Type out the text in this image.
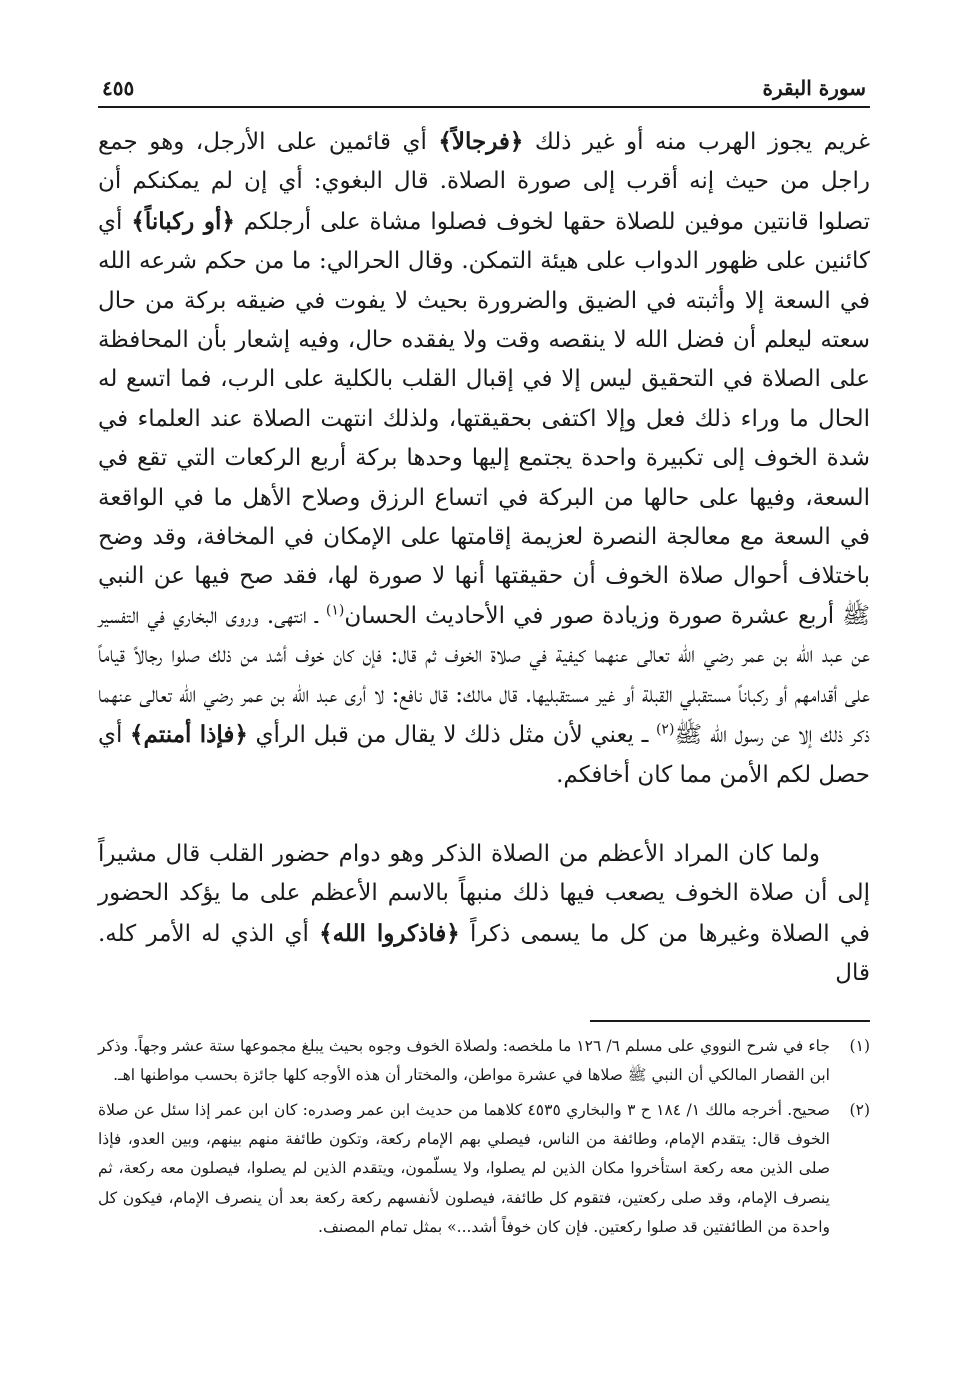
سورة البقرة
٤٥٥

غريم يجوز الهرب منه أو غير ذلك ﴿فرجالاً﴾ أي قائمين على الأرجل، وهو جمع راجل من حيث إنه أقرب إلى صورة الصلاة. قال البغوي: أي إن لم يمكنكم أن تصلوا قانتين موفين للصلاة حقها لخوف فصلوا مشاة على أرجلكم ﴿أو ركباناً﴾ أي كائنين على ظهور الدواب على هيئة التمكن. وقال الحرالي: ما من حكم شرعه الله في السعة إلا وأثبته في الضيق والضرورة بحيث لا يفوت في ضيقه بركة من حال سعته ليعلم أن فضل الله لا ينقصه وقت ولا يفقده حال، وفيه إشعار بأن المحافظة على الصلاة في التحقيق ليس إلا في إقبال القلب بالكلية على الرب، فما اتسع له الحال ما وراء ذلك فعل وإلا اكتفى بحقيقتها، ولذلك انتهت الصلاة عند العلماء في شدة الخوف إلى تكبيرة واحدة يجتمع إليها وحدها بركة أربع الركعات التي تقع في السعة، وفيها على حالها من البركة في اتساع الرزق وصلاح الأهل ما في الواقعة في السعة مع معالجة النصرة لعزيمة إقامتها على الإمكان في المخافة، وقد وضح باختلاف أحوال صلاة الخوف أن حقيقتها أنها لا صورة لها، فقد صح فيها عن النبي ﷺ أربع عشرة صورة وزيادة صور في الأحاديث الحسان$^{(١)}$ ـ انتهى. وروى البخاري في التفسير عن عبد الله بن عمر رضي الله تعالى عنهما كيفية في صلاة الخوف ثم قال: فإن كان خوف أشد من ذلك صلوا رجالاً قياماً على أقدامهم أو ركباناً مستقبلي القبلة أو غير مستقبليها. قال مالك: قال نافع: لا أرى عبد الله بن عمر رضي الله تعالى عنهما ذكر ذلك إلا عن رسول الله ﷺ$^{(٢)}$ ـ يعني لأن مثل ذلك لا يقال من قبل الرأي ﴿فإذا أمنتم﴾ أي حصل لكم الأمن مما كان أخافكم.

ولما كان المراد الأعظم من الصلاة الذكر وهو دوام حضور القلب قال مشيراً إلى أن صلاة الخوف يصعب فيها ذلك منبهاً بالاسم الأعظم على ما يؤكد الحضور في الصلاة وغيرها من كل ما يسمى ذكراً ﴿فاذكروا الله﴾ أي الذي له الأمر كله. قال

(١)
جاء في شرح النووي على مسلم ٦/ ١٢٦ ما ملخصه: ولصلاة الخوف وجوه بحيث يبلغ مجموعها ستة عشر وجهاً. وذكر ابن القصار المالكي أن النبي ﷺ صلاها في عشرة مواطن، والمختار أن هذه الأوجه كلها جائزة بحسب مواطنها اهـ.
(٢)
صحيح. أخرجه مالك ١/ ١٨٤ ح ٣ والبخاري ٤٥٣٥ كلاهما من حديث ابن عمر وصدره: كان ابن عمر إذا سئل عن صلاة الخوف قال: يتقدم الإمام، وطائفة من الناس، فيصلي بهم الإمام ركعة، وتكون طائفة منهم بينهم، وبين العدو، فإذا صلى الذين معه ركعة استأخروا مكان الذين لم يصلوا، ولا يسلّمون، ويتقدم الذين لم يصلوا، فيصلون معه ركعة، ثم ينصرف الإمام، وقد صلى ركعتين، فتقوم كل طائفة، فيصلون لأنفسهم ركعة ركعة بعد أن ينصرف الإمام، فيكون كل واحدة من الطائفتين قد صلوا ركعتين. فإن كان خوفاً أشد...» بمثل تمام المصنف.
